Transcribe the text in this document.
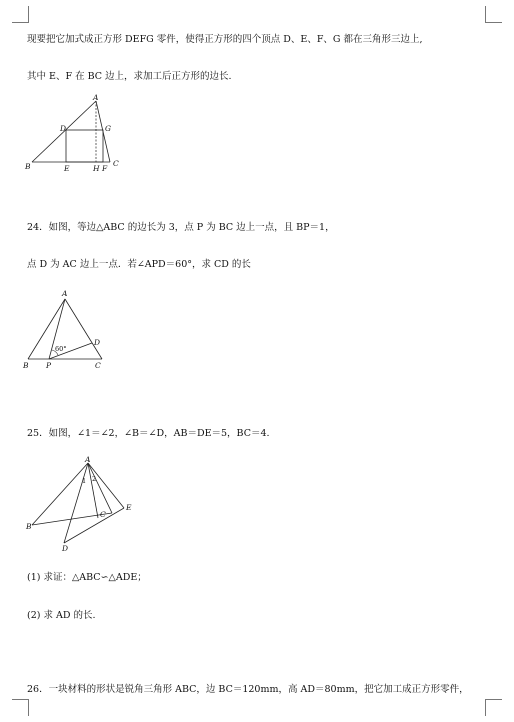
现要把它加式成正方形 DEFG 零件，使得正方形的四个顶点 D、E、F、G 都在三角形三边上,
其中 E、F 在 BC 边上，求加工后正方形的边长.
A
B	C
D
E	F
G
H
24．如图，等边△ABC 的边长为 3，点 P 为 BC 边上一点，且 BP＝1，
点 D 为 AC 边上一点．若∠APD＝60°，求 CD 的长
A
B	C
D
P
60°
25．如图，∠1＝∠2，∠B＝∠D，AB＝DE＝5，BC＝4.
A
B
C
D
E
1 2
(1) 求证：△ABC∽△ADE；
(2) 求 AD 的长.
26．一块材料的形状是锐角三角形 ABC，边 BC＝120mm，高 AD＝80mm，把它加工成正方形零件，
